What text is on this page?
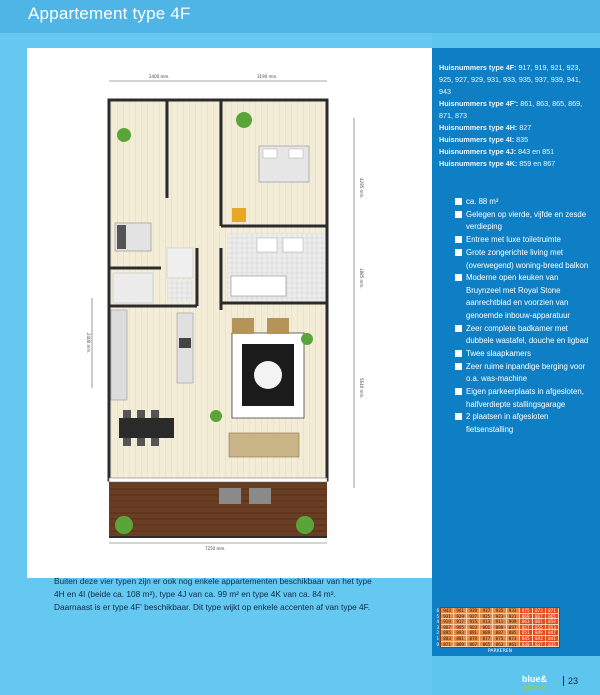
Appartement type 4F
2400 mm.	3190 mm.
4295 mm.
1885 mm.
2400 mm.
5640 mm.
7250 mm.

Buiten deze vier typen zijn er ook nog enkele appartementen beschikbaar van het type 4H en 4I (beide ca. 108 m²), type 4J van ca. 99 m² en type 4K van ca. 84 m². Daarnaast is er type 4F' beschikbaar. Dit type wijkt op enkele accenten af van type 4F.

Huisnummers type 4F: 917, 919, 921, 923, 925, 927, 929, 931, 933, 935, 937, 939, 941, 943
Huisnummers type 4F': 861, 863, 865, 869, 871, 873
Huisnummers type 4H: 827
Huisnummers type 4I: 835
Huisnummers type 4J: 843 en 851
Huisnummers type 4K: 859 en 867
ca. 88 m²
Gelegen op vierde, vijfde en zesde verdieping
Entree met luxe toiletruimte
Grote zongerichte living met (overwegend) woning-breed balkon
Moderne open keuken van Bruynzeel met Royal Stone aanrechtblad en voorzien van genoemde inbouw-apparatuur
Zeer complete badkamer met dubbele wastafel, douche en ligbad
Twee slaapkamers
Zeer ruime inpandige berging voor o.a. was-machine
Eigen parkeerplaats in afgesloten, halfverdiepte stallingsgarage
2 plaatsen in afgesloten fietsenstalling
6
5
4
3
2
1
0
943	941	939	937	935	933	875	873	871
931	929	927	925	923	921	869	867	865
919	917	915	913	911	909	863	861	859
907	905	903	901	899	897	857	855	853
895	893	891	889	887	885	851	849	847
883	881	879	877	875	873	845	843	841
871	869	867	865	863	861	839	837	835
PARKEREN
blue&
green
23
